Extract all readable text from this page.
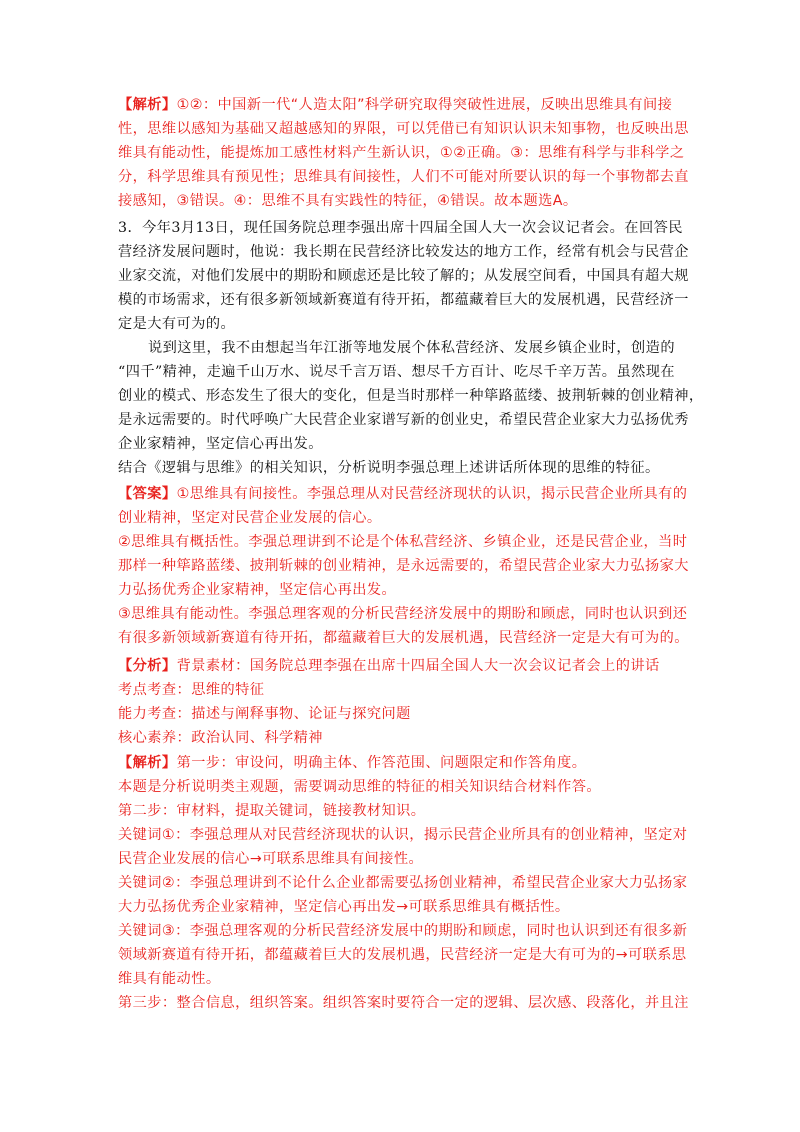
【解析】①②：中国新一代“人造太阳”科学研究取得突破性进展，反映出思维具有间接
性，思维以感知为基础又超越感知的界限，可以凭借已有知识认识未知事物，也反映出思
维具有能动性，能提炼加工感性材料产生新认识，①②正确。③：思维有科学与非科学之
分，科学思维具有预见性；思维具有间接性，人们不可能对所要认识的每一个事物都去直
接感知，③错误。④：思维不具有实践性的特征，④错误。故本题选A。
3．今年3月13日，现任国务院总理李强出席十四届全国人大一次会议记者会。在回答民
营经济发展问题时，他说：我长期在民营经济比较发达的地方工作，经常有机会与民营企
业家交流，对他们发展中的期盼和顾虑还是比较了解的；从发展空间看，中国具有超大规
模的市场需求，还有很多新领域新赛道有待开拓，都蕴藏着巨大的发展机遇，民营经济一
定是大有可为的。
说到这里，我不由想起当年江浙等地发展个体私营经济、发展乡镇企业时，创造的
“四千”精神，走遍千山万水、说尽千言万语、想尽千方百计、吃尽千辛万苦。虽然现在
创业的模式、形态发生了很大的变化，但是当时那样一种筚路蓝缕、披荆斩棘的创业精神，
是永远需要的。时代呼唤广大民营企业家谱写新的创业史，希望民营企业家大力弘扬优秀
企业家精神，坚定信心再出发。
结合《逻辑与思维》的相关知识，分析说明李强总理上述讲话所体现的思维的特征。
【答案】①思维具有间接性。李强总理从对民营经济现状的认识，揭示民营企业所具有的
创业精神，坚定对民营企业发展的信心。
②思维具有概括性。李强总理讲到不论是个体私营经济、乡镇企业，还是民营企业，当时
那样一种筚路蓝缕、披荆斩棘的创业精神，是永远需要的，希望民营企业家大力弘扬家大
力弘扬优秀企业家精神，坚定信心再出发。
③思维具有能动性。李强总理客观的分析民营经济发展中的期盼和顾虑，同时也认识到还
有很多新领域新赛道有待开拓，都蕴藏着巨大的发展机遇，民营经济一定是大有可为的。
【分析】背景素材：国务院总理李强在出席十四届全国人大一次会议记者会上的讲话
考点考查：思维的特征
能力考查：描述与阐释事物、论证与探究问题
核心素养：政治认同、科学精神
【解析】第一步：审设问，明确主体、作答范围、问题限定和作答角度。
本题是分析说明类主观题，需要调动思维的特征的相关知识结合材料作答。
第二步：审材料，提取关键词，链接教材知识。
关键词①：李强总理从对民营经济现状的认识，揭示民营企业所具有的创业精神，坚定对
民营企业发展的信心→可联系思维具有间接性。
关键词②：李强总理讲到不论什么企业都需要弘扬创业精神，希望民营企业家大力弘扬家
大力弘扬优秀企业家精神，坚定信心再出发→可联系思维具有概括性。
关键词③：李强总理客观的分析民营经济发展中的期盼和顾虑，同时也认识到还有很多新
领域新赛道有待开拓，都蕴藏着巨大的发展机遇，民营经济一定是大有可为的→可联系思
维具有能动性。
第三步：整合信息，组织答案。组织答案时要符合一定的逻辑、层次感、段落化，并且注
